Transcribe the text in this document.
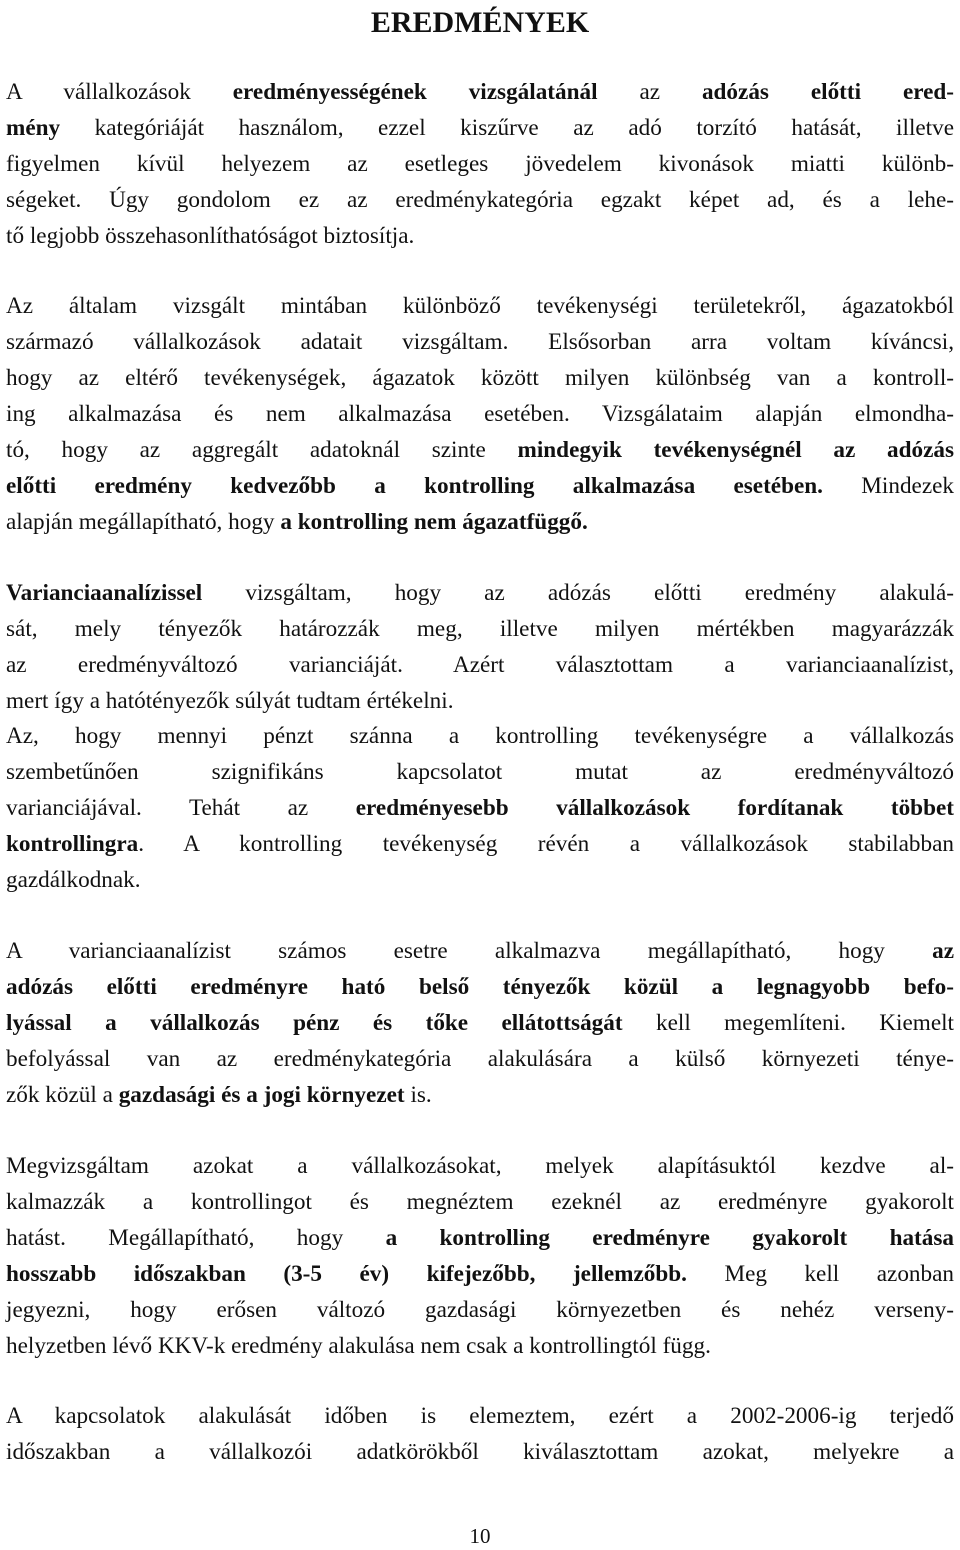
EREDMÉNYEK
A vállalkozások eredményességének vizsgálatánál az adózás előtti ered-
mény kategóriáját használom, ezzel kiszűrve az adó torzító hatását, illetve
figyelmen kívül helyezem az esetleges jövedelem kivonások miatti különb-
ségeket. Úgy gondolom ez az eredménykategória egzakt képet ad, és a lehe-
tő legjobb összehasonlíthatóságot biztosítja.
Az általam vizsgált mintában különböző tevékenységi területekről, ágazatokból
származó vállalkozások adatait vizsgáltam. Elsősorban arra voltam kíváncsi,
hogy az eltérő tevékenységek, ágazatok között milyen különbség van a kontroll-
ing alkalmazása és nem alkalmazása esetében. Vizsgálataim alapján elmondha-
tó, hogy az aggregált adatoknál szinte mindegyik tevékenységnél az adózás
előtti eredmény kedvezőbb a kontrolling alkalmazása esetében. Mindezek
alapján megállapítható, hogy a kontrolling nem ágazatfüggő.
Varianciaanalízissel vizsgáltam, hogy az adózás előtti eredmény alakulá-
sát, mely tényezők határozzák meg, illetve milyen mértékben magyarázzák
az eredményváltozó varianciáját. Azért választottam a varianciaanalízist,
mert így a hatótényezők súlyát tudtam értékelni.
Az, hogy mennyi pénzt szánna a kontrolling tevékenységre a vállalkozás
szembetűnően szignifikáns kapcsolatot mutat az eredményváltozó
varianciájával. Tehát az eredményesebb vállalkozások fordítanak többet
kontrollingra. A kontrolling tevékenység révén a vállalkozások stabilabban
gazdálkodnak.
A varianciaanalízist számos esetre alkalmazva megállapítható, hogy az
adózás előtti eredményre ható belső tényezők közül a legnagyobb befo-
lyással a vállalkozás pénz és tőke ellátottságát kell megemlíteni. Kiemelt
befolyással van az eredménykategória alakulására a külső környezeti ténye-
zők közül a gazdasági és a jogi környezet is.
Megvizsgáltam azokat a vállalkozásokat, melyek alapításuktól kezdve al-
kalmazzák a kontrollingot és megnéztem ezeknél az eredményre gyakorolt
hatást. Megállapítható, hogy a kontrolling eredményre gyakorolt hatása
hosszabb időszakban (3-5 év) kifejezőbb, jellemzőbb. Meg kell azonban
jegyezni, hogy erősen változó gazdasági környezetben és nehéz verseny-
helyzetben lévő KKV-k eredmény alakulása nem csak a kontrollingtól függ.
A kapcsolatok alakulását időben is elemeztem, ezért a 2002-2006-ig terjedő
időszakban a vállalkozói adatkörökből kiválasztottam azokat, melyekre a
10
